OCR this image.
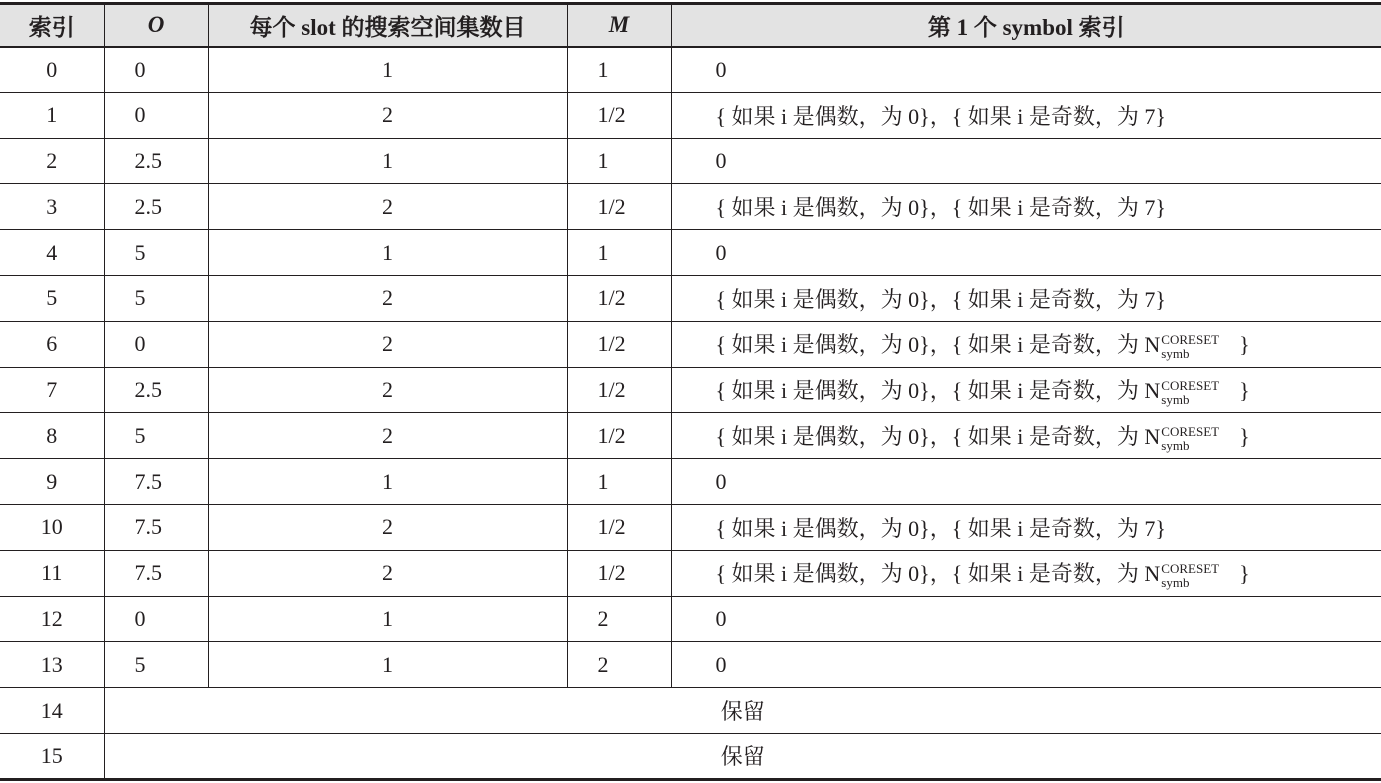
索引	O	每个 slot 的搜索空间集数目	M	第 1 个 symbol 索引
0	0	1	1	0
1	0	2	1/2	{ 如果 i 是偶数，为 0}，{ 如果 i 是奇数，为 7}
2	2.5	1	1	0
3	2.5	2	1/2	{ 如果 i 是偶数，为 0}，{ 如果 i 是奇数，为 7}
4	5	1	1	0
5	5	2	1/2	{ 如果 i 是偶数，为 0}，{ 如果 i 是奇数，为 7}
6	0	2	1/2	{ 如果 i 是偶数，为 0}，{ 如果 i 是奇数，为 N CORESET
symb }
7	2.5	2	1/2	{ 如果 i 是偶数，为 0}，{ 如果 i 是奇数，为 N CORESET
symb }
8	5	2	1/2	{ 如果 i 是偶数，为 0}，{ 如果 i 是奇数，为 N CORESET
symb }
9	7.5	1	1	0
10	7.5	2	1/2	{ 如果 i 是偶数，为 0}，{ 如果 i 是奇数，为 7}
11	7.5	2	1/2	{ 如果 i 是偶数，为 0}，{ 如果 i 是奇数，为 N CORESET
symb }
12	0	1	2	0
13	5	1	2	0
14	保留			
15	保留			
